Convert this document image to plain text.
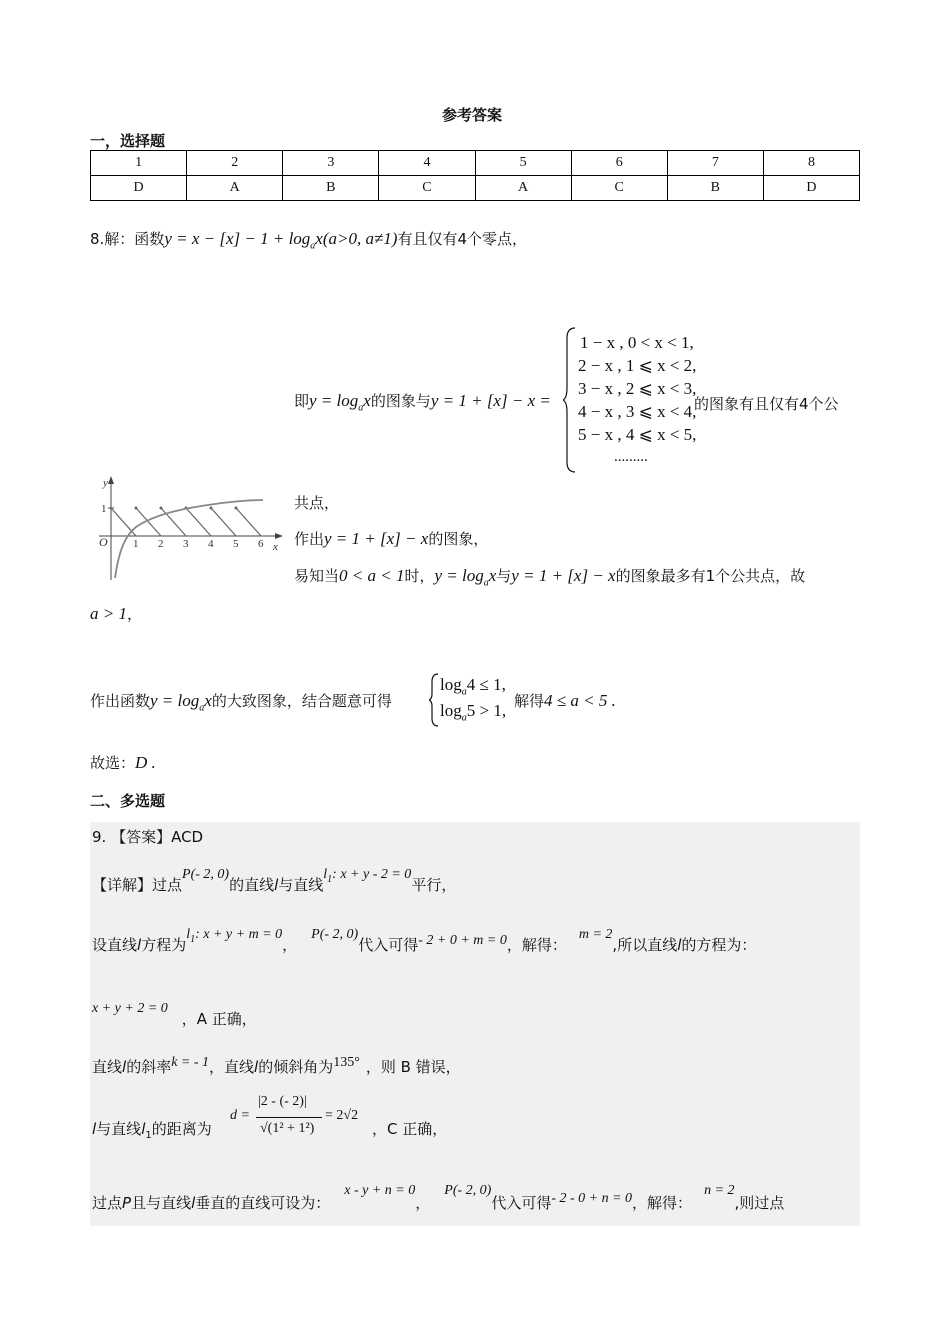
参考答案
一，选择题
1	2	3	4	5	6	7	8
D	A	B	C	A	C	B	D
8.解：函数$y = x - [x] - 1 + \log_ax(a>0$, a≠1)有且仅有4个零点，
即$y = \log_ax$的图象与y = 1 + [x] − x =
1 − x , 0 < x < 1,
2 − x , 1 ⩽ x < 2,
3 − x , 2 ⩽ x < 3,
4 − x , 3 ⩽ x < 4,
5 − x , 4 ⩽ x < 5,
.........
的图象有且仅有4个公
y
x
O
1
1 2 3 4 5 6
共点，
作出y = 1 + [x] − x的图象，
易知当0 < a < 1时，$y = \log_ax$与y = 1 + [x] − x的图象最多有1个公共点，故
a > 1，
作出函数$y = \log_ax$的大致图象，结合题意可得
$\log_a4 \le 1$,
$\log_a5 > 1$, 解得4 ≤ a < 5 .
故选：D .
二、多选题
9. 【答案】ACD
【详解】过点P(- 2, 0)的直线l与直线$l_1$: x + y - 2 = 0平行，
设直线l方程为$l_1$: x + y + m = 0，P(- 2, 0)代入可得- 2 + 0 + m = 0，解得：m = 2,所以直线l的方程为：
x + y + 2 = 0，A 正确，
直线l的斜率k = - 1，直线l的倾斜角为135° ，则 B 错误，
l与直线$l_1$的距离为
d =
|2 - (- 2)|
√(1² + 1²)
= 2√2
，C 正确，
过点P且与直线l垂直的直线可设为：x - y + n = 0，P(- 2, 0)代入可得- 2 - 0 + n = 0，解得：n = 2,则过点
